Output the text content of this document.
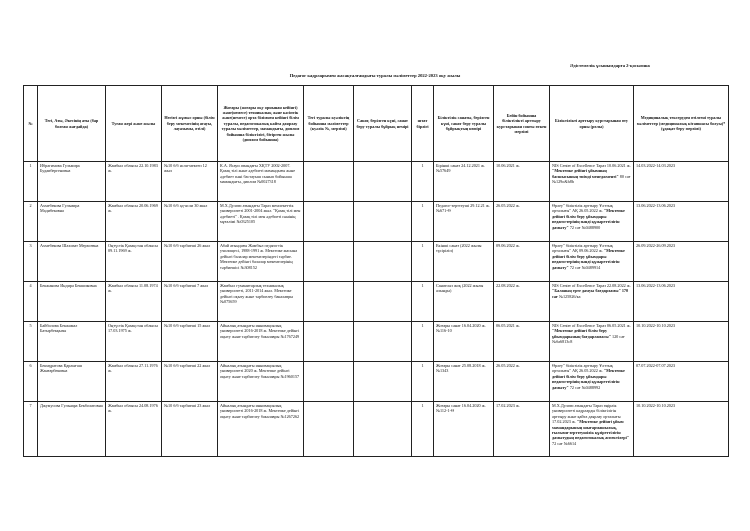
Әдістемелік ұсынымдарға 2-қосымша
Педагог кадрларымен жасақталғандығы туралы мәліметтер 2022-2023 оқу жылы
№	Тегі, Аты, Әкесінің аты (бар болған жағдайда)	Туған жері және жылы	Негізгі жұмыс орны (білім беру мекемесінің атауы, лауазымы, өтілі)	Жоғары (жоғары оқу орнынан кейінгі) және(немесе) техникалық және кәсіптік және(немесе) орта білімнен кейінгі білім туралы, педагогикалық кайта даярлау туралы мәліметтер, мамандығы, диплом бойынша біліктілігі, бітірген жылы (диплом бойынша)	Тегі туралы куәліктің бойынша мәліметтер (куәлік №, мерзімі)	Санат, берілген күні, санат беру туралы бұйрық немірі	штат бірлігі	Біліктілік санаты, берілген күні, санат беру туралы бұйрықтың нөмірі	Бейін бойынша біліктілікті арттыру курстарынан сонғы өткен мерзімі	Біліктілікті арттыру курстарынан өту орны (рөлы)	Медициналық тексеруден өтілгені туралы мәліметтер (медициналық кітапшасы болуы)* (ұдақат беру мерзімі)
1	Ибрагимова Гульмира Будаибергеновна	Жамбыл облысы 22.10.1983 ж.	№10 б/б ясли-мектеп 12 жыл	К.А. Ясауи атындағы ХҚТУ 2002-2007. Қазақ тілі және әдебиеті мамандығы және әдебиет пәні бастауыш сынып бойынша мамандығы, диплом №0027318			1	Бірінші санат 24.12.2021 ж. №57649	10.06.2021 ж.	NIS Center of Excellence Тараз 10.06.2021 ж. "Мектепке дейінгі ұйымның басшысының тиімді менеджменті" 80 сағ №129о&h8b	14.03.2022-14.03.2023
2	Ахмебекова Гульмира Мадибековна	Жамбыл облысы 20.06.1969 ж.	№10 б/б ад-ясли 30 жыл	М.Х.Дулати атындағы Тараз мемлекеттік университеті 2001-2004 жыл. "Қазақ тілі мен әдебиеті" . Қазақ тілі мен әдебиеті пәнінің мұғалімі №0325105			1	Педагог-зерттеуші 29.12.21 ж. №671-Ө	26.05.2022 ж.	Өрлеу" біліктілік арттыру Ұлттық орталығы" АҚ 26.05.2022 ж. "Мектепке дейінгі білім беру ұйымдары педагогтерінің пәнді құзыреттілігін дамыту" 72 сағ №0488900	13.06.2022-13.06.2023
3	Ахмебекова Шахизат Мерзоевна	Оңтүстік Қазақстан облысы 09.11.1969 ж.	№10 б/б тәрбиеші 26 жыл	Абай атындағы Жамбыл педагогтік училищесі, 1988-1991 ж. Мектепке жасына дейінгі балалар мекемелеріндегі тәрбие. Мектепке дейінгі балалар мекемелерінің тәрбиешісі №308152			1	Екінші санат (2022 жылы тұсіріліп)	09.06.2022 ж.	Өрлеу" біліктілік арттыру Ұлттық орталығы" АҚ 09.06.2022 ж. "Мектепке дейінгі білім беру ұйымдары педагогтерінің пәнді құзыреттілігін дамыту" 72 сағ №0489914	26.09.2022-26.09.2023
4	Бекжанова Индира Бекшиковна	Жамбыл облысы 11.08.1974 ж.	№10 б/б тәрбиеші 7 жыл	Жамбыл гуманитарлық техникалық университеті, 2011-2014 жыл. Мектепке дейінгі оқыту және тәрбиелеу бакалавры №075659			1	Санатсыз жоқ (2022 жылы алынды)	22.08.2022 ж.	NIS Center of Excellence Тараз 22.08.2022 ж. "Баланың ерте дамуы бағдарламы" 170 сағ №125826/ка	13.06.2022-13.06.2023
5	Байболова Бекжамал Батырбекқызы	Оңтүстік Қазақстан облысы 17.03.1975 ж.	№10 б/б тәрбиеші 15 жыл	Айналық атындағы инновациялық университеті 2016-2018 ж. Мектепке дейінгі оқыту және тәрбиелеу бакалавры №1767249			1	Жоғары санат 16.04.2020 ж. №116-10	06.05.2021 ж.	NIS Center of Excellence Тараз 06.05.2021 ж. "Мектепке дейінгі білім беру ұйымдарының бағдарламасы" 120 сағ №ба6813с8	10.10.2022-10.10.2023
6	Бекмұратова Қарлығаш Жанғарбековна	Жамбыл облысы 27.11.1976 ж.	№10 б/б тәрбиеші 22 жыл	Айналық атындағы инновациялық университеті 2020 ж. Мектепке дейінгі оқыту және тәрбиелеу бакалавры №1960157			1	Жоғары санат 25.08.2018 ж. №1343	26.05.2022 ж.	Өрлеу" біліктілік арттыру Ұлттық орталығы" АҚ 26.05.2022 ж. "Мектепке дейінгі білім беру ұйымдары педагогтерінің пәнді құзыреттілігін дамыту" 72 сағ №0488992	07.07.2022-07.07.2023
7	Джумусова Гульнара Бекболатовна	Жамбыл облысы 24.08.1976 ж.	№10 б/б тәрбиеші 23 жыл	Айналық атындағы инновациялық университеті 2016-2018 ж. Мектепке дейінгі оқыту және тәрбиелеу бакалавры №1267262			1	Жоғары санат 16.04.2020 ж. №112-1-Ө	17.02.2023 ж.	М.Х.Дулати атындағы Тараз өңірлік университеті кадрларды біліктілігін арттыру және қайта даярлау орталығы 17.02.2023 ж. "Мектепке дейінгі ұйым мамандарының шығармашылық, ғылыми-зерттеушілік құзіреттілігін дамытудың педагогикалық аспектілері" 72 сағ №6614	10.10.2022-10.10.2023
